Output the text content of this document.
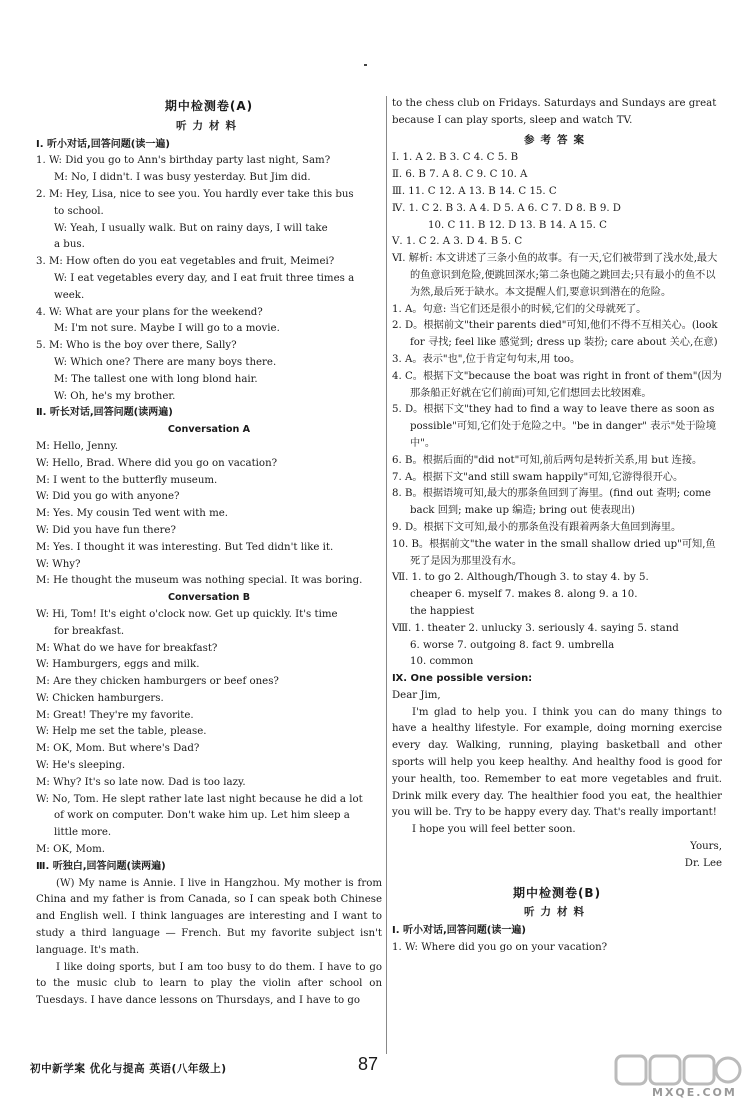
期中检测卷(A)
听力材料
Ⅰ. 听小对话,回答问题(读一遍)
1. W: Did you go to Ann's birthday party last night, Sam?
M: No, I didn't. I was busy yesterday. But Jim did.
2. M: Hey, Lisa, nice to see you. You hardly ever take this bus
to school.
W: Yeah, I usually walk. But on rainy days, I will take
a bus.
3. M: How often do you eat vegetables and fruit, Meimei?
W: I eat vegetables every day, and I eat fruit three times a
week.
4. W: What are your plans for the weekend?
M: I'm not sure. Maybe I will go to a movie.
5. M: Who is the boy over there, Sally?
W: Which one? There are many boys there.
M: The tallest one with long blond hair.
W: Oh, he's my brother.
Ⅱ. 听长对话,回答问题(读两遍)
Conversation A
M: Hello, Jenny.
W: Hello, Brad. Where did you go on vacation?
M: I went to the butterfly museum.
W: Did you go with anyone?
M: Yes. My cousin Ted went with me.
W: Did you have fun there?
M: Yes. I thought it was interesting. But Ted didn't like it.
W: Why?
M: He thought the museum was nothing special. It was boring.
Conversation B
W: Hi, Tom! It's eight o'clock now. Get up quickly. It's time
for breakfast.
M: What do we have for breakfast?
W: Hamburgers, eggs and milk.
M: Are they chicken hamburgers or beef ones?
W: Chicken hamburgers.
M: Great! They're my favorite.
W: Help me set the table, please.
M: OK, Mom. But where's Dad?
W: He's sleeping.
M: Why? It's so late now. Dad is too lazy.
W: No, Tom. He slept rather late last night because he did a lot
of work on computer. Don't wake him up. Let him sleep a
little more.
M: OK, Mom.
Ⅲ. 听独白,回答问题(读两遍)
(W) My name is Annie. I live in Hangzhou. My mother is from China and my father is from Canada, so I can speak both Chinese and English well. I think languages are interesting and I want to study a third language — French. But my favorite subject isn't language. It's math.
I like doing sports, but I am too busy to do them. I have to go to the music club to learn to play the violin after school on Tuesdays. I have dance lessons on Thursdays, and I have to go
to the chess club on Fridays. Saturdays and Sundays are great
because I can play sports, sleep and watch TV.
参考答案
Ⅰ. 1. A 2. B 3. C 4. C 5. B
Ⅱ. 6. B 7. A 8. C 9. C 10. A
Ⅲ. 11. C 12. A 13. B 14. C 15. C
Ⅳ. 1. C 2. B 3. A 4. D 5. A 6. C 7. D 8. B 9. D
10. C 11. B 12. D 13. B 14. A 15. C
Ⅴ. 1. C 2. A 3. D 4. B 5. C
Ⅵ. 解析: 本文讲述了三条小鱼的故事。有一天,它们被带到了浅水处,最大的鱼意识到危险,便跳回深水;第二条也随之跳回去;只有最小的鱼不以为然,最后死于缺水。本文提醒人们,要意识到潜在的危险。
1. A。句意: 当它们还是很小的时候,它们的父母就死了。
2. D。根据前文"their parents died"可知,他们不得不互相关心。(look for 寻找; feel like 感觉到; dress up 装扮; care about 关心,在意)
3. A。表示"也",位于肯定句句末,用 too。
4. C。根据下文"because the boat was right in front of them"(因为那条船正好就在它们前面)可知,它们想回去比较困难。
5. D。根据下文"they had to find a way to leave there as soon as possible"可知,它们处于危险之中。"be in danger" 表示"处于险境中"。
6. B。根据后面的"did not"可知,前后两句是转折关系,用 but 连接。
7. A。根据下文"and still swam happily"可知,它游得很开心。
8. B。根据语境可知,最大的那条鱼回到了海里。(find out 查明; come back 回到; make up 编造; bring out 使表现出)
9. D。根据下文可知,最小的那条鱼没有跟着两条大鱼回到海里。
10. B。根据前文"the water in the small shallow dried up"可知,鱼死了是因为那里没有水。
Ⅶ. 1. to go 2. Although/Though 3. to stay 4. by 5.
cheaper 6. myself 7. makes 8. along 9. a 10.
the happiest
Ⅷ. 1. theater 2. unlucky 3. seriously 4. saying 5. stand
6. worse 7. outgoing 8. fact 9. umbrella
10. common
Ⅸ. One possible version:
Dear Jim,
I'm glad to help you. I think you can do many things to have a healthy lifestyle. For example, doing morning exercise every day. Walking, running, playing basketball and other sports will help you keep healthy. And healthy food is good for your health, too. Remember to eat more vegetables and fruit. Drink milk every day. The healthier food you eat, the healthier you will be. Try to be happy every day. That's really important!
I hope you will feel better soon.
Yours,
Dr. Lee
期中检测卷(B)
听力材料
Ⅰ. 听小对话,回答问题(读一遍)
1. W: Where did you go on your vacation?
初中新学案 优化与提高 英语(八年级上)	87
MXQE.COM
